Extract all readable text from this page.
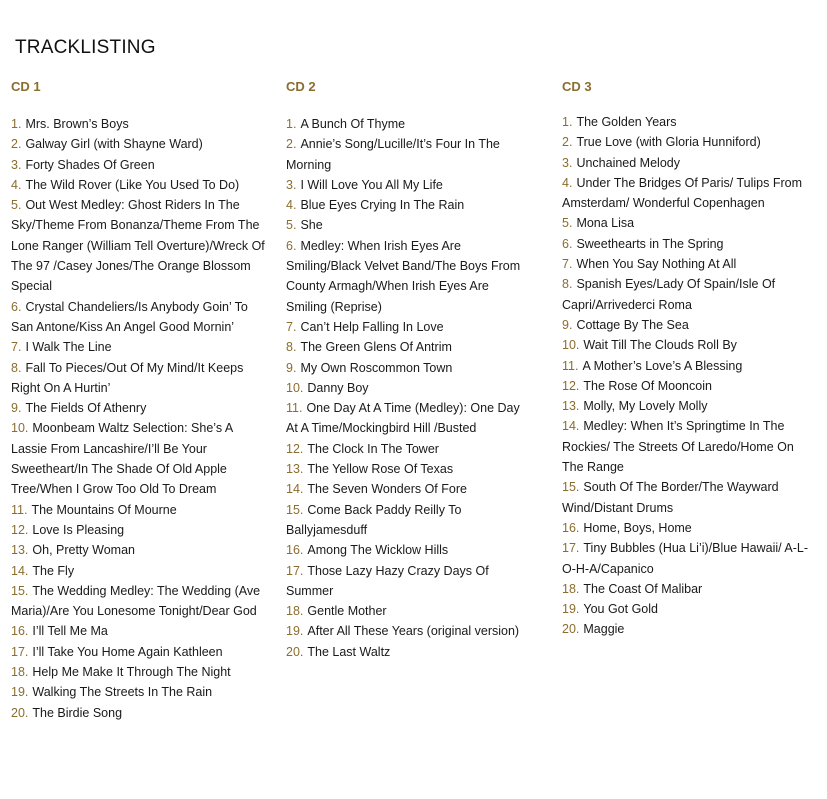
TRACKLISTING
CD 1
1. Mrs. Brown’s Boys
2. Galway Girl (with Shayne Ward)
3. Forty Shades Of Green
4. The Wild Rover (Like You Used To Do)
5. Out West Medley: Ghost Riders In The Sky/Theme From Bonanza/Theme From The Lone Ranger (William Tell Overture)/Wreck Of The 97 /Casey Jones/The Orange Blossom Special
6. Crystal Chandeliers/Is Anybody Goin’ To San Antone/Kiss An Angel Good Mornin’
7. I Walk The Line
8. Fall To Pieces/Out Of My Mind/It Keeps Right On A Hurtin’
9. The Fields Of Athenry
10. Moonbeam Waltz Selection: She’s A Lassie From Lancashire/I’ll Be Your Sweetheart/In The Shade Of Old Apple Tree/When I Grow Too Old To Dream
11. The Mountains Of Mourne
12. Love Is Pleasing
13. Oh, Pretty Woman
14. The Fly
15. The Wedding Medley: The Wedding (Ave Maria)/Are You Lonesome Tonight/Dear God
16. I’ll Tell Me Ma
17. I’ll Take You Home Again Kathleen
18. Help Me Make It Through The Night
19. Walking The Streets In The Rain
20. The Birdie Song
CD 2
1. A Bunch Of Thyme
2. Annie’s Song/Lucille/It’s Four In The Morning
3. I Will Love You All My Life
4. Blue Eyes Crying In The Rain
5. She
6. Medley: When Irish Eyes Are Smiling/Black Velvet Band/The Boys From County Armagh/When Irish Eyes Are Smiling (Reprise)
7. Can’t Help Falling In Love
8. The Green Glens Of Antrim
9. My Own Roscommon Town
10. Danny Boy
11. One Day At A Time (Medley): One Day At A Time/Mockingbird Hill /Busted
12. The Clock In The Tower
13. The Yellow Rose Of Texas
14. The Seven Wonders Of Fore
15. Come Back Paddy Reilly To Ballyjamesduff
16. Among The Wicklow Hills
17. Those Lazy Hazy Crazy Days Of Summer
18. Gentle Mother
19. After All These Years (original version)
20. The Last Waltz
CD 3
1. The Golden Years
2. True Love (with Gloria Hunniford)
3. Unchained Melody
4. Under The Bridges Of Paris/ Tulips From Amsterdam/ Wonderful Copenhagen
5. Mona Lisa
6. Sweethearts in The Spring
7. When You Say Nothing At All
8. Spanish Eyes/Lady Of Spain/Isle Of Capri/Arrivederci Roma
9. Cottage By The Sea
10. Wait Till The Clouds Roll By
11. A Mother’s Love’s A Blessing
12. The Rose Of Mooncoin
13. Molly, My Lovely Molly
14. Medley: When It’s Springtime In The Rockies/ The Streets Of Laredo/Home On The Range
15. South Of The Border/The Wayward Wind/Distant Drums
16. Home, Boys, Home
17. Tiny Bubbles (Hua Li’i)/Blue Hawaii/ A-L-O-H-A/Capanico
18. The Coast Of Malibar
19. You Got Gold
20. Maggie
